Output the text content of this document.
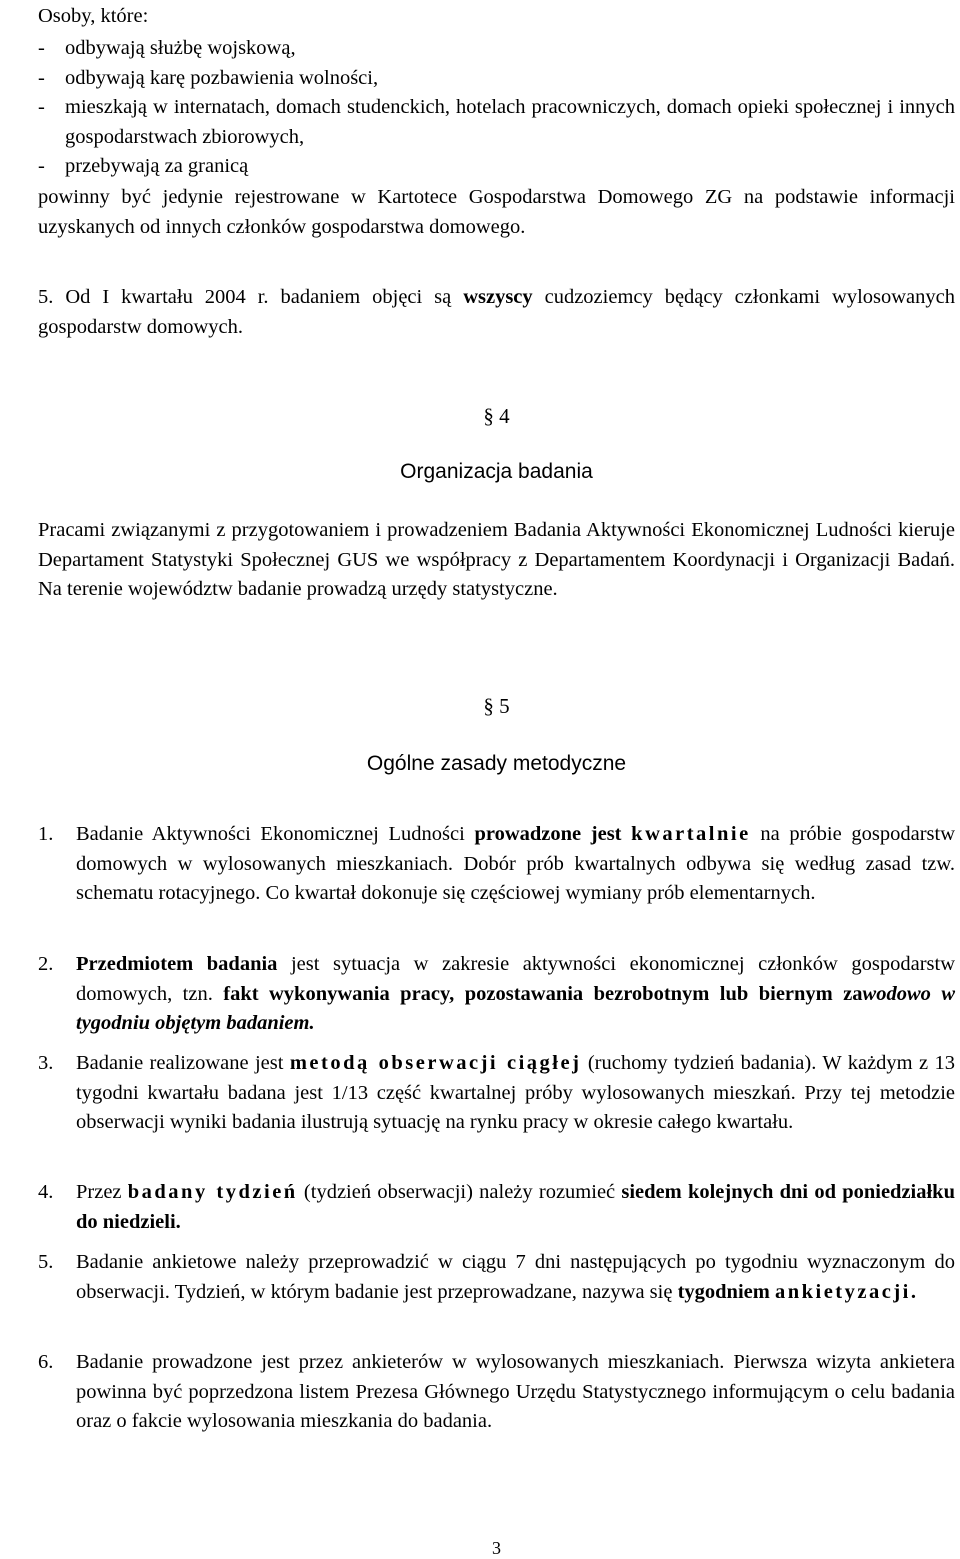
Osoby, które:

- odbywają służbę wojskową,
- odbywają karę pozbawienia wolności,
- mieszkają w internatach, domach studenckich, hotelach pracowniczych, domach opieki społecznej i innych gospodarstwach zbiorowych,
- przebywają za granicą

powinny być jedynie rejestrowane w Kartotece Gospodarstwa Domowego ZG na podstawie informacji uzyskanych od innych członków gospodarstwa domowego.

5. Od I kwartału 2004 r. badaniem objęci są wszyscy cudzoziemcy będący członkami wylosowanych gospodarstw domowych.

§ 4
Organizacja badania

Pracami związanymi z przygotowaniem i prowadzeniem Badania Aktywności Ekonomicznej Ludności kieruje Departament Statystyki Społecznej GUS we współpracy z Departamentem Koordynacji i Organizacji Badań. Na terenie województw badanie prowadzą urzędy statystyczne.

§ 5
Ogólne zasady metodyczne
1.	Badanie Aktywności Ekonomicznej Ludności prowadzone jest kwartalnie na próbie gospodarstw domowych w wylosowanych mieszkaniach. Dobór prób kwartalnych odbywa się według zasad tzw. schematu rotacyjnego. Co kwartał dokonuje się częściowej wymiany prób elementarnych.
2.	Przedmiotem badania jest sytuacja w zakresie aktywności ekonomicznej członków gospodarstw domowych, tzn. fakt wykonywania pracy, pozostawania bezrobotnym lub biernym zawodowo w tygodniu objętym badaniem.
3.	Badanie realizowane jest metodą obserwacji ciągłej (ruchomy tydzień badania). W każdym z 13 tygodni kwartału badana jest 1/13 część kwartalnej próby wylosowanych mieszkań. Przy tej metodzie obserwacji wyniki badania ilustrują sytuację na rynku pracy w okresie całego kwartału.
4.	Przez badany tydzień (tydzień obserwacji) należy rozumieć siedem kolejnych dni od poniedziałku do niedzieli.
5.	Badanie ankietowe należy przeprowadzić w ciągu 7 dni następujących po tygodniu wyznaczonym do obserwacji. Tydzień, w którym badanie jest przeprowadzane, nazywa się tygodniem ankietyzacji.
6.	Badanie prowadzone jest przez ankieterów w wylosowanych mieszkaniach. Pierwsza wizyta ankietera powinna być poprzedzona listem Prezesa Głównego Urzędu Statystycznego informującym o celu badania oraz o fakcie wylosowania mieszkania do badania.
3
